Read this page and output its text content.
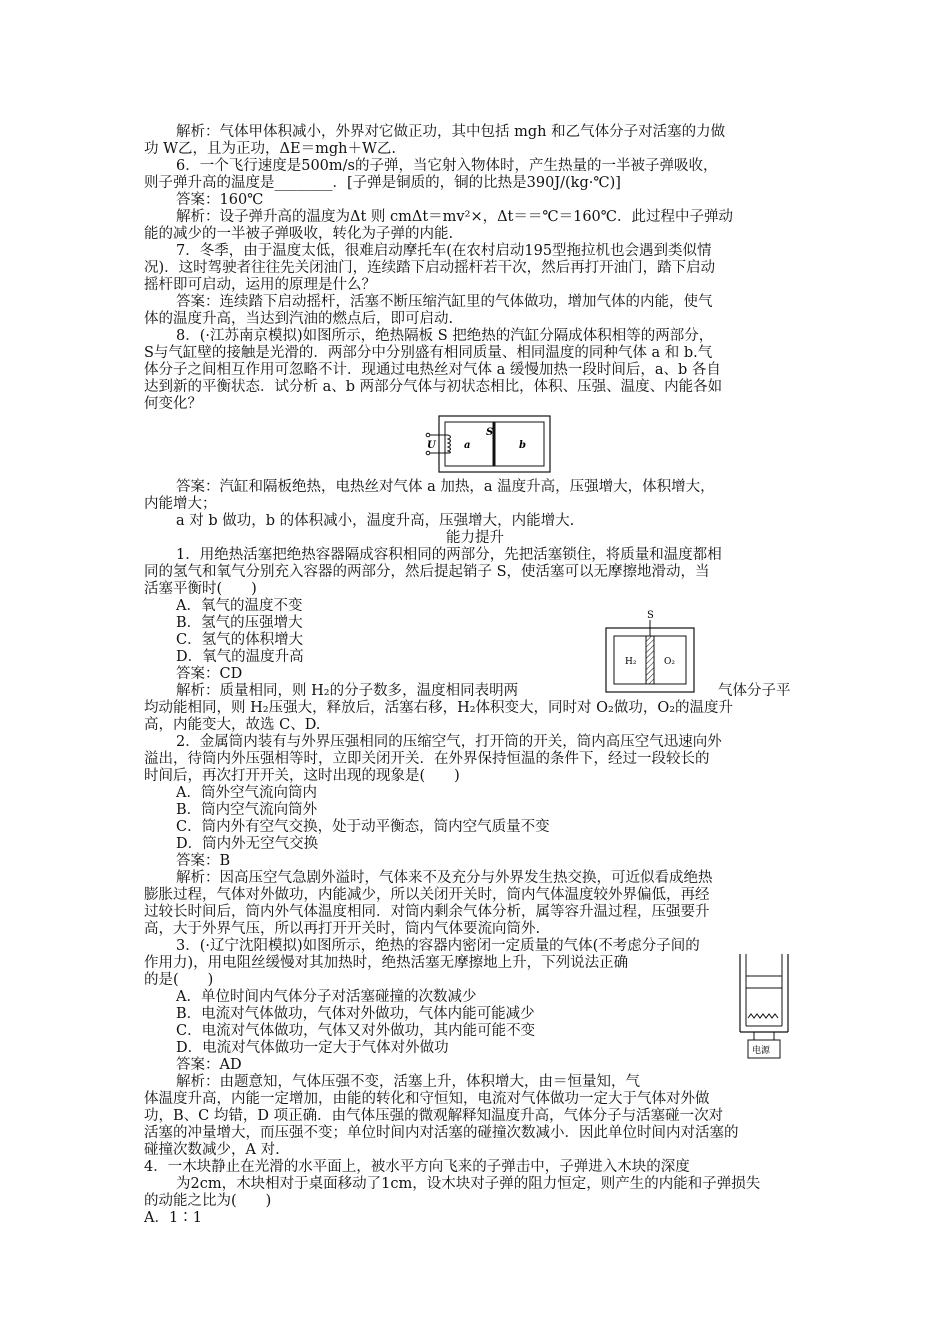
解析：气体甲体积减小，外界对它做正功，其中包括 mgh 和乙气体分子对活塞的力做
功 W乙，且为正功，ΔE＝mgh＋W乙.
6．一个飞行速度是500m/s的子弹，当它射入物体时，产生热量的一半被子弹吸收，
则子弹升高的温度是________．[子弹是铜质的，铜的比热是390J/(kg·℃)]
答案：160℃
解析：设子弹升高的温度为Δt 则 cmΔt＝mv²×，Δt＝＝℃＝160℃．此过程中子弹动
能的减少的一半被子弹吸收，转化为子弹的内能.
7．冬季，由于温度太低，很难启动摩托车(在农村启动195型拖拉机也会遇到类似情
况)．这时驾驶者往往先关闭油门，连续踏下启动摇杆若干次，然后再打开油门，踏下启动
摇杆即可启动，运用的原理是什么？
答案：连续踏下启动摇杆，活塞不断压缩汽缸里的气体做功，增加气体的内能，使气
体的温度升高，当达到汽油的燃点后，即可启动.
8．(·江苏南京模拟)如图所示，绝热隔板 S 把绝热的汽缸分隔成体积相等的两部分，
S与气缸壁的接触是光滑的．两部分中分别盛有相同质量、相同温度的同种气体 a 和 b.气
体分子之间相互作用可忽略不计．现通过电热丝对气体 a 缓慢加热一段时间后，a、b 各自
达到新的平衡状态．试分析 a、b 两部分气体与初状态相比，体积、压强、温度、内能各如
何变化？
U	a
S
b
答案：汽缸和隔板绝热，电热丝对气体 a 加热，a 温度升高，压强增大，体积增大，
内能增大；
a 对 b 做功，b 的体积减小，温度升高，压强增大，内能增大.
能力提升
1．用绝热活塞把绝热容器隔成容积相同的两部分，先把活塞锁住，将质量和温度都相
同的氢气和氧气分别充入容器的两部分，然后提起销子 S，使活塞可以无摩擦地滑动，当
活塞平衡时(　　)
A．氧气的温度不变
B．氢气的压强增大
C．氢气的体积增大
D．氧气的温度升高
答案：CD
解析：质量相同，则 H₂的分子数多，温度相同表明两	气体分子平
S
H₂	O₂
均动能相同，则 H₂压强大，释放后，活塞右移，H₂体积变大，同时对 O₂做功，O₂的温度升
高，内能变大，故选 C、D.
2．金属筒内装有与外界压强相同的压缩空气，打开筒的开关，筒内高压空气迅速向外
溢出，待筒内外压强相等时，立即关闭开关．在外界保持恒温的条件下，经过一段较长的
时间后，再次打开开关，这时出现的现象是(　　)
A．筒外空气流向筒内
B．筒内空气流向筒外
C．筒内外有空气交换，处于动平衡态，筒内空气质量不变
D．筒内外无空气交换
答案：B
解析：因高压空气急剧外溢时，气体来不及充分与外界发生热交换，可近似看成绝热
膨胀过程，气体对外做功，内能减少，所以关闭开关时，筒内气体温度较外界偏低，再经
过较长时间后，筒内外气体温度相同．对筒内剩余气体分析，属等容升温过程，压强要升
高，大于外界气压，所以再打开开关时，筒内气体要流向筒外.
3．(·辽宁沈阳模拟)如图所示，绝热的容器内密闭一定质量的气体(不考虑分子间的
作用力)，用电阻丝缓慢对其加热时，绝热活塞无摩擦地上升，下列说法正确
的是(　　)
A．单位时间内气体分子对活塞碰撞的次数减少
B．电流对气体做功，气体对外做功，气体内能可能减少
C．电流对气体做功，气体又对外做功，其内能可能不变
D．电流对气体做功一定大于气体对外做功
答案：AD
电源
解析：由题意知，气体压强不变，活塞上升，体积增大，由＝恒量知，气
体温度升高，内能一定增加，由能的转化和守恒知，电流对气体做功一定大于气体对外做
功，B、C 均错，D 项正确．由气体压强的微观解释知温度升高，气体分子与活塞碰一次对
活塞的冲量增大，而压强不变；单位时间内对活塞的碰撞次数减小．因此单位时间内对活塞的
碰撞次数减少，A 对.
4．一木块静止在光滑的水平面上，被水平方向飞来的子弹击中，子弹进入木块的深度
为2cm，木块相对于桌面移动了1cm，设木块对子弹的阻力恒定，则产生的内能和子弹损失
的动能之比为(　　)
A．1∶1
